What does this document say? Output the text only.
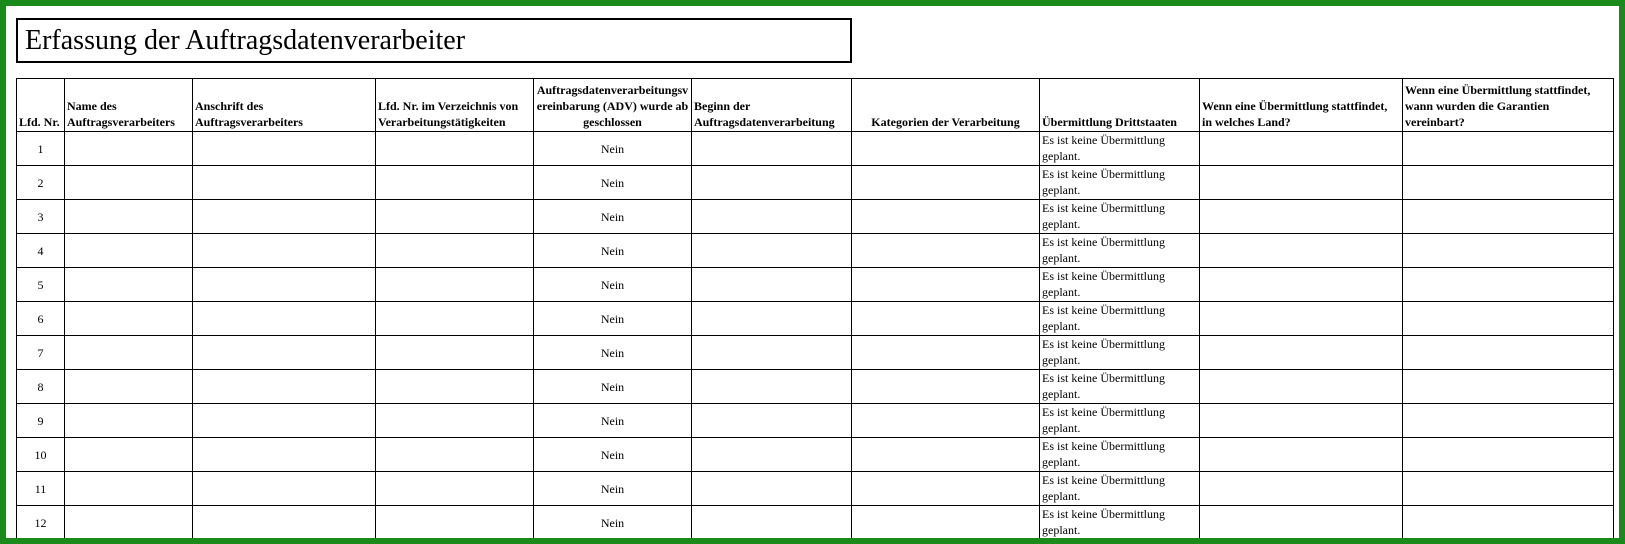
Erfassung der Auftragsdatenverarbeiter
Lfd. Nr.	Name des Auftragsverarbeiters	Anschrift des Auftragsverarbeiters	Lfd. Nr. im Verzeichnis von Verarbeitungstätigkeiten	Auftragsdatenverarbeitungsvereinbarung (ADV) wurde abgeschlossen	Beginn der Auftragsdatenverarbeitung	Kategorien der Verarbeitung	Übermittlung Drittstaaten	Wenn eine Übermittlung stattfindet, in welches Land?	Wenn eine Übermittlung stattfindet, wann wurden die Garantien vereinbart?
1				Nein			Es ist keine Übermittlung geplant.		
2				Nein			Es ist keine Übermittlung geplant.		
3				Nein			Es ist keine Übermittlung geplant.		
4				Nein			Es ist keine Übermittlung geplant.		
5				Nein			Es ist keine Übermittlung geplant.		
6				Nein			Es ist keine Übermittlung geplant.		
7				Nein			Es ist keine Übermittlung geplant.		
8				Nein			Es ist keine Übermittlung geplant.		
9				Nein			Es ist keine Übermittlung geplant.		
10				Nein			Es ist keine Übermittlung geplant.		
11				Nein			Es ist keine Übermittlung geplant.		
12				Nein			Es ist keine Übermittlung geplant.		
